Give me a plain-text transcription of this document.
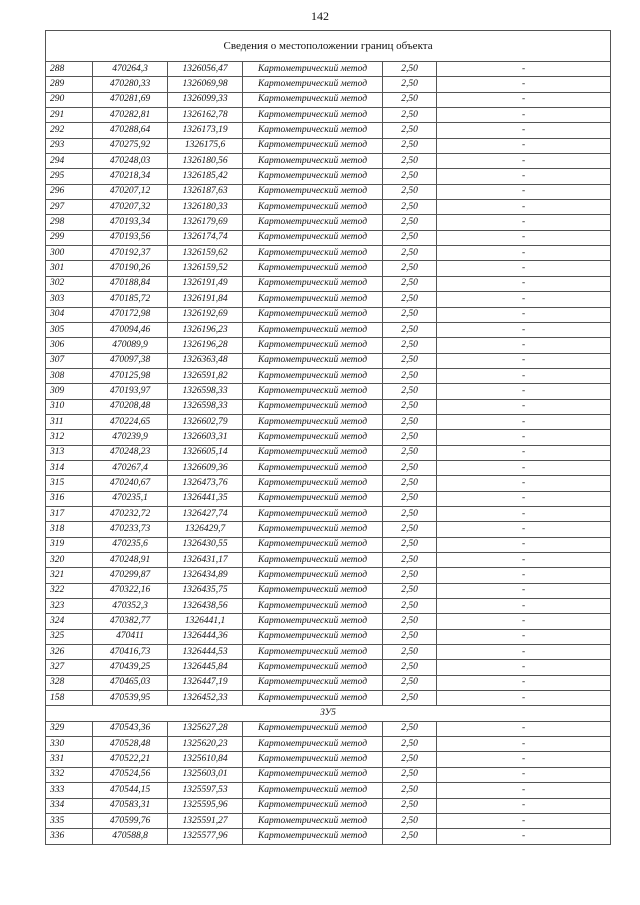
142
Сведения о местоположении границ объекта					
288	470264,3	1326056,47	Картометрический метод	2,50	-
289	470280,33	1326069,98	Картометрический метод	2,50	-
290	470281,69	1326099,33	Картометрический метод	2,50	-
291	470282,81	1326162,78	Картометрический метод	2,50	-
292	470288,64	1326173,19	Картометрический метод	2,50	-
293	470275,92	1326175,6	Картометрический метод	2,50	-
294	470248,03	1326180,56	Картометрический метод	2,50	-
295	470218,34	1326185,42	Картометрический метод	2,50	-
296	470207,12	1326187,63	Картометрический метод	2,50	-
297	470207,32	1326180,33	Картометрический метод	2,50	-
298	470193,34	1326179,69	Картометрический метод	2,50	-
299	470193,56	1326174,74	Картометрический метод	2,50	-
300	470192,37	1326159,62	Картометрический метод	2,50	-
301	470190,26	1326159,52	Картометрический метод	2,50	-
302	470188,84	1326191,49	Картометрический метод	2,50	-
303	470185,72	1326191,84	Картометрический метод	2,50	-
304	470172,98	1326192,69	Картометрический метод	2,50	-
305	470094,46	1326196,23	Картометрический метод	2,50	-
306	470089,9	1326196,28	Картометрический метод	2,50	-
307	470097,38	1326363,48	Картометрический метод	2,50	-
308	470125,98	1326591,82	Картометрический метод	2,50	-
309	470193,97	1326598,33	Картометрический метод	2,50	-
310	470208,48	1326598,33	Картометрический метод	2,50	-
311	470224,65	1326602,79	Картометрический метод	2,50	-
312	470239,9	1326603,31	Картометрический метод	2,50	-
313	470248,23	1326605,14	Картометрический метод	2,50	-
314	470267,4	1326609,36	Картометрический метод	2,50	-
315	470240,67	1326473,76	Картометрический метод	2,50	-
316	470235,1	1326441,35	Картометрический метод	2,50	-
317	470232,72	1326427,74	Картометрический метод	2,50	-
318	470233,73	1326429,7	Картометрический метод	2,50	-
319	470235,6	1326430,55	Картометрический метод	2,50	-
320	470248,91	1326431,17	Картометрический метод	2,50	-
321	470299,87	1326434,89	Картометрический метод	2,50	-
322	470322,16	1326435,75	Картометрический метод	2,50	-
323	470352,3	1326438,56	Картометрический метод	2,50	-
324	470382,77	1326441,1	Картометрический метод	2,50	-
325	470411	1326444,36	Картометрический метод	2,50	-
326	470416,73	1326444,53	Картометрический метод	2,50	-
327	470439,25	1326445,84	Картометрический метод	2,50	-
328	470465,03	1326447,19	Картометрический метод	2,50	-
158	470539,95	1326452,33	Картометрический метод	2,50	-
ЗУ5					
329	470543,36	1325627,28	Картометрический метод	2,50	-
330	470528,48	1325620,23	Картометрический метод	2,50	-
331	470522,21	1325610,84	Картометрический метод	2,50	-
332	470524,56	1325603,01	Картометрический метод	2,50	-
333	470544,15	1325597,53	Картометрический метод	2,50	-
334	470583,31	1325595,96	Картометрический метод	2,50	-
335	470599,76	1325591,27	Картометрический метод	2,50	-
336	470588,8	1325577,96	Картометрический метод	2,50	-
